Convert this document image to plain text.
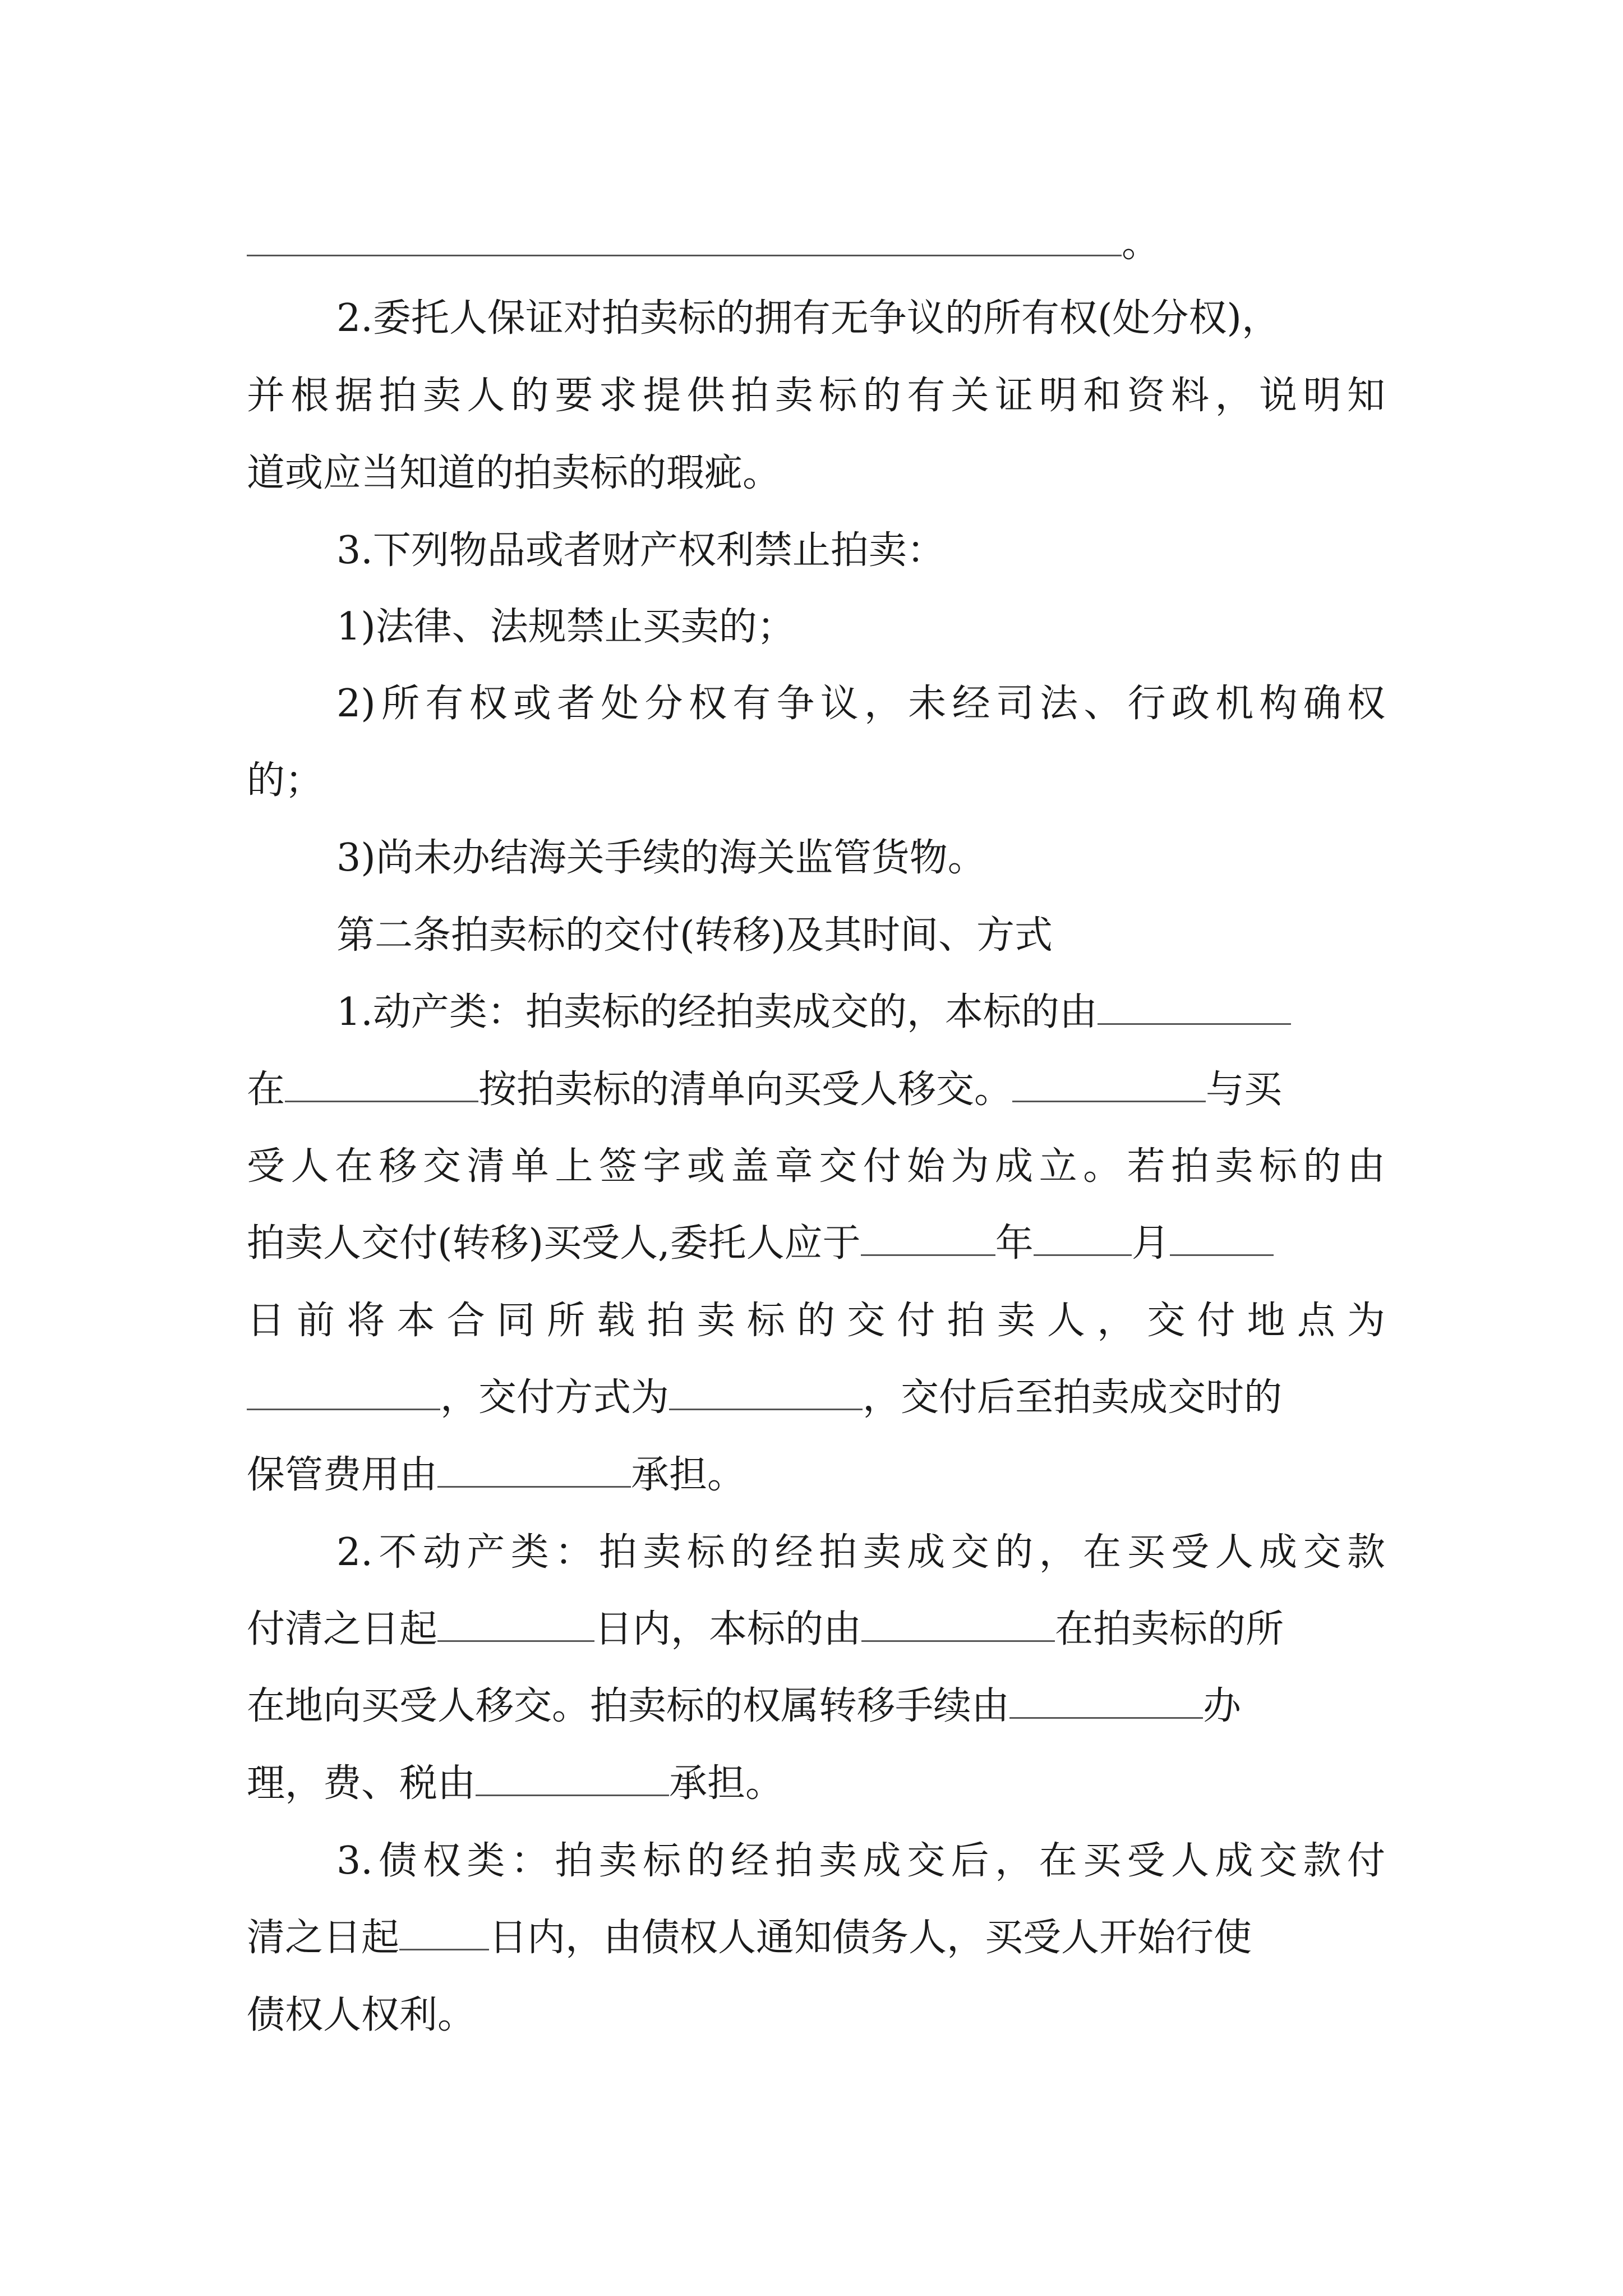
。
2.委托人保证对拍卖标的拥有无争议的所有权(处分权)，
并根据拍卖人的要求提供拍卖标的有关证明和资料，说明知
道或应当知道的拍卖标的瑕疵。
3.下列物品或者财产权利禁止拍卖：
1)法律、法规禁止买卖的；
2)所有权或者处分权有争议，未经司法、行政机构确权
的；
3)尚未办结海关手续的海关监管货物。
第二条拍卖标的交付(转移)及其时间、方式
1.动产类：拍卖标的经拍卖成交的，本标的由
在	按拍卖标的清单向买受人移交。	与买
受人在移交清单上签字或盖章交付始为成立。若拍卖标的由
拍卖人交付(转移)买受人,委托人应于	年	月
日前将本合同所载拍卖标的交付拍卖人，交付地点为
，交付方式为	，交付后至拍卖成交时的
保管费用由	承担。
2.不动产类：拍卖标的经拍卖成交的，在买受人成交款
付清之日起	日内，本标的由	在拍卖标的所
在地向买受人移交。拍卖标的权属转移手续由	办
理，费、税由	承担。
3.债权类：拍卖标的经拍卖成交后，在买受人成交款付
清之日起 日内，由债权人通知债务人，买受人开始行使
债权人权利。
